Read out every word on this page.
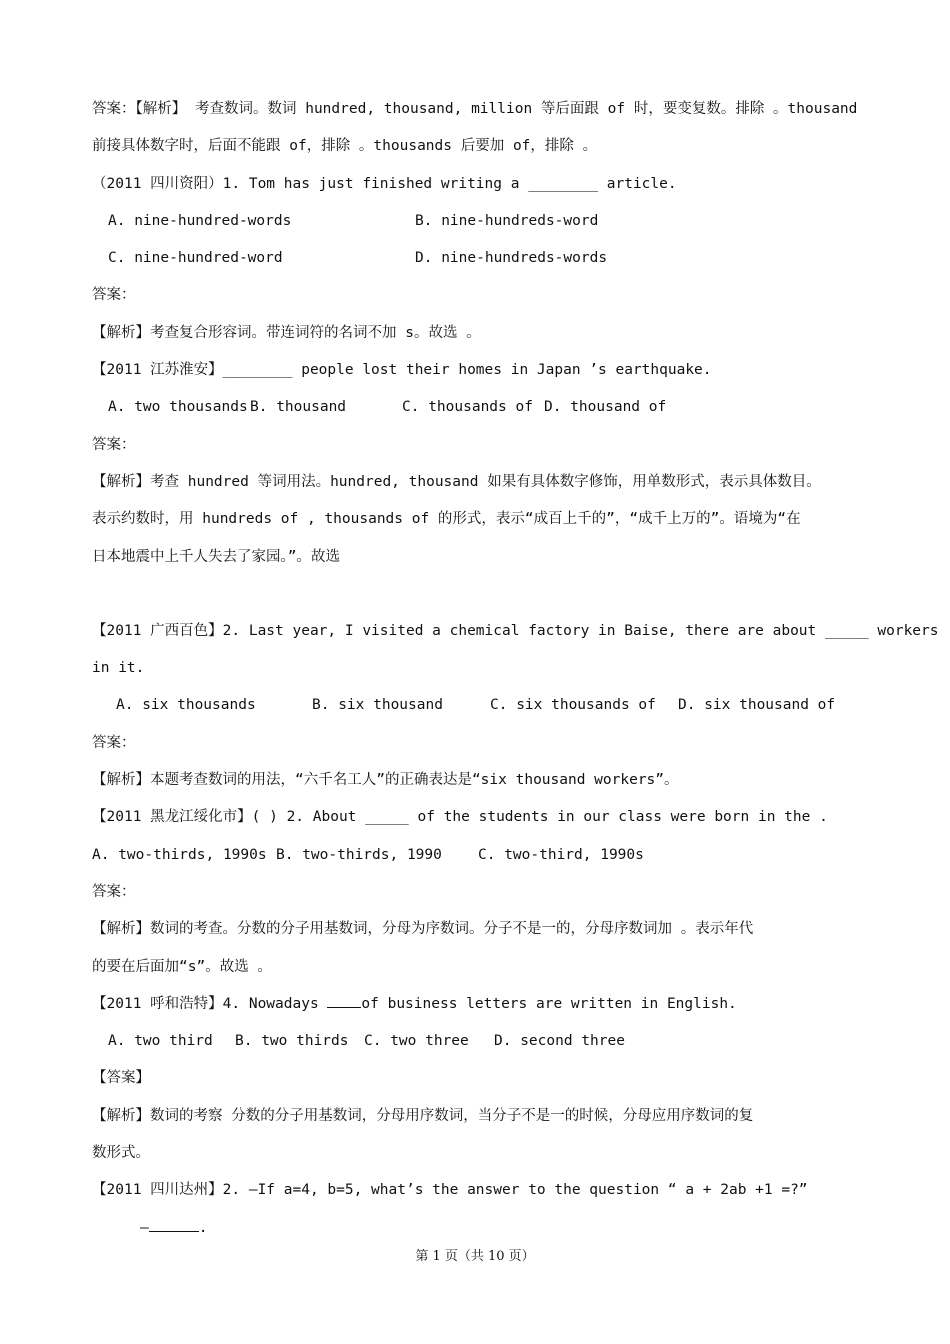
答案：【解析】 考查数词。数词 hundred, thousand, million 等后面跟 of 时，要变复数。排除 。thousand
前接具体数字时，后面不能跟 of，排除 。thousands 后要加 of，排除 。
（2011 四川资阳）1. Tom has just finished writing a ________ article.
A. nine-hundred-words	B. nine-hundreds-word
C. nine-hundred-word	D. nine-hundreds-words
答案：
【解析】考查复合形容词。带连词符的名词不加 s。故选 。
【2011 江苏淮安】________ people lost their homes in Japan ’s earthquake.
A. two thousands B. thousand	C. thousands of D. thousand of
答案：
【解析】考查 hundred 等词用法。hundred, thousand 如果有具体数字修饰，用单数形式，表示具体数目。
表示约数时，用 hundreds of , thousands of 的形式，表示“成百上千的”，“成千上万的”。语境为“在
日本地震中上千人失去了家园。”。故选
【2011 广西百色】2. Last year, I visited a chemical factory in Baise, there are about _____ workers
in it.
A. six thousands	B. six thousand	C. six thousands of D. six thousand of
答案：
【解析】本题考查数词的用法，“六千名工人”的正确表达是“six thousand workers”。
【2011 黑龙江绥化市】( ) 2. About _____ of the students in our class were born in the .
A. two-thirds, 1990s B. two-thirds, 1990 C. two-third, 1990s
答案：
【解析】数词的考查。分数的分子用基数词，分母为序数词。分子不是一的，分母序数词加 。表示年代
的要在后面加“s”。故选 。
【2011 呼和浩特】4. Nowadays of business letters are written in English.
A. two third B. two thirds C. two three D. second three
【答案】
【解析】数词的考察 分数的分子用基数词，分母用序数词，当分子不是一的时候，分母应用序数词的复
数形式。
【2011 四川达州】2. —If a=4, b=5, what’s the answer to the question “ a + 2ab +1 =?”
—	.
第 1 页（共 10 页）
